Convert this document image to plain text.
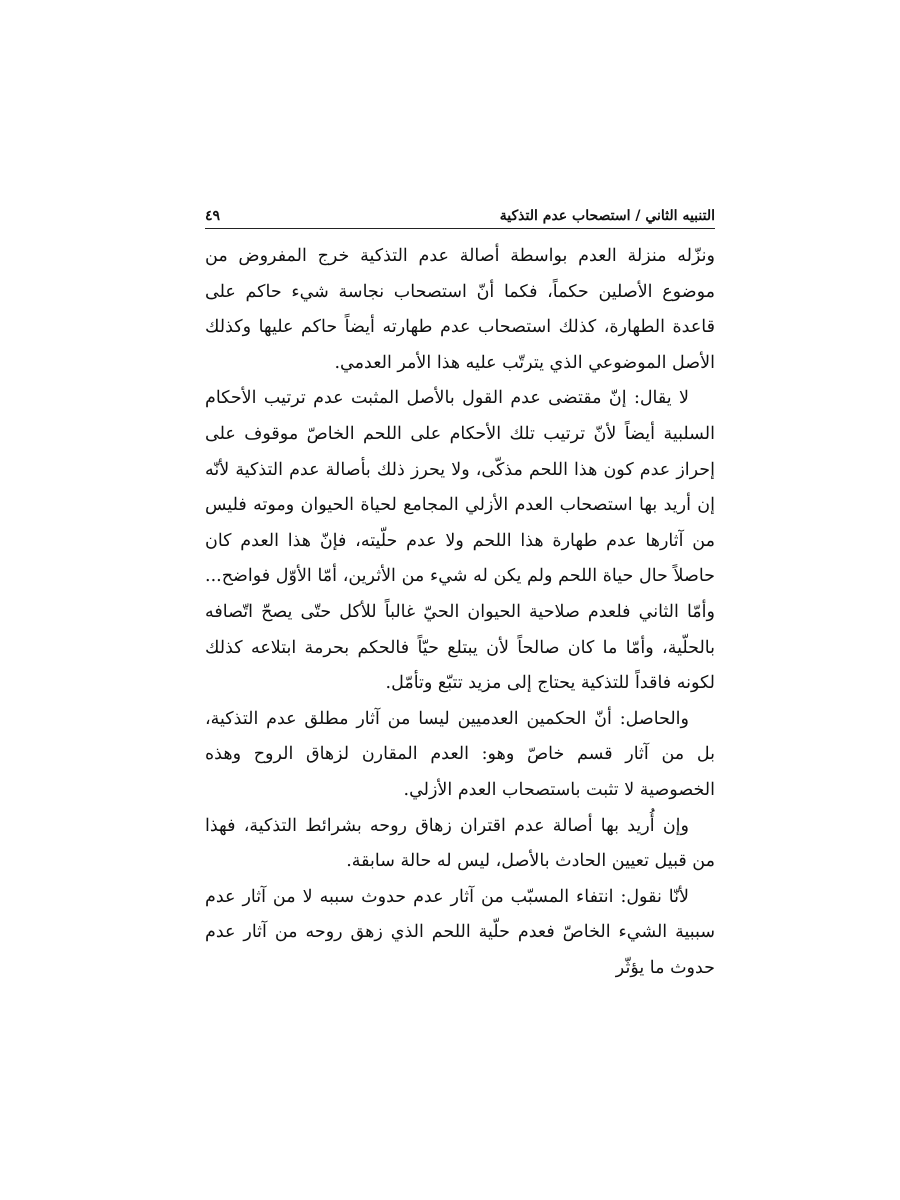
التنبيه الثاني / استصحاب عدم التذكية
٤٩

ونزّله منزلة العدم بواسطة أصالة عدم التذكية خرج المفروض من موضوع الأصلين حكماً، فكما أنّ استصحاب نجاسة شيء حاكم على قاعدة الطهارة، كذلك استصحاب عدم طهارته أيضاً حاكم عليها وكذلك الأصل الموضوعي الذي يترتّب عليه هذا الأمر العدمي.

لا يقال: إنّ مقتضى عدم القول بالأصل المثبت عدم ترتيب الأحكام السلبية أيضاً لأنّ ترتيب تلك الأحكام على اللحم الخاصّ موقوف على إحراز عدم كون هذا اللحم مذكّى، ولا يحرز ذلك بأصالة عدم التذكية لأنّه إن أريد بها استصحاب العدم الأزلي المجامع لحياة الحيوان وموته فليس من آثارها عدم طهارة هذا اللحم ولا عدم حلّيته، فإنّ هذا العدم كان حاصلاً حال حياة اللحم ولم يكن له شيء من الأثرين، أمّا الأوّل فواضح... وأمّا الثاني فلعدم صلاحية الحيوان الحيّ غالباً للأكل حتّى يصحّ اتّصافه بالحلّية، وأمّا ما كان صالحاً لأن يبتلع حيّاً فالحكم بحرمة ابتلاعه كذلك لكونه فاقداً للتذكية يحتاج إلى مزيد تتبّع وتأمّل.

والحاصل: أنّ الحكمين العدميين ليسا من آثار مطلق عدم التذكية، بل من آثار قسم خاصّ وهو: العدم المقارن لزهاق الروح وهذه الخصوصية لا تثبت باستصحاب العدم الأزلي.

وإن أُريد بها أصالة عدم اقتران زهاق روحه بشرائط التذكية، فهذا من قبيل تعيين الحادث بالأصل، ليس له حالة سابقة.

لأنّا نقول: انتفاء المسبّب من آثار عدم حدوث سببه لا من آثار عدم سببية الشيء الخاصّ فعدم حلّية اللحم الذي زهق روحه من آثار عدم حدوث ما يؤثّر
